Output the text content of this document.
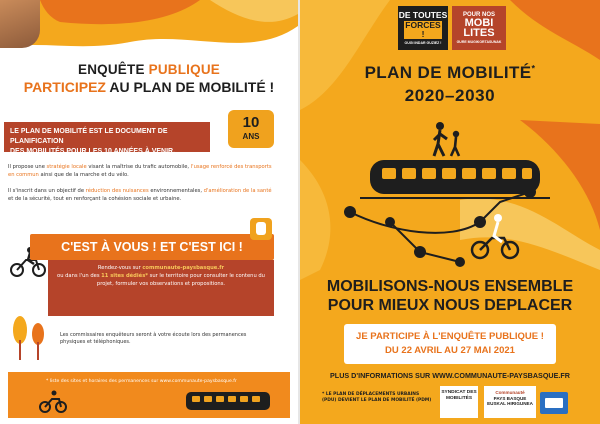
ENQUÊTE PUBLIQUE
PARTICIPEZ AU PLAN DE MOBILITÉ !
LE PLAN DE MOBILITÉ EST LE DOCUMENT DE PLANIFICATION
DES MOBILITÉS POUR LES 10 ANNÉES À VENIR.
10
ANS
Il propose une stratégie locale visant la maîtrise du trafic automobile, l'usage renforcé des transports en commun ainsi que de la marche et du vélo.
Il s'inscrit dans un objectif de réduction des nuisances environnementales, d'amélioration de la santé et de la sécurité, tout en renforçant la cohésion sociale et urbaine.
C'EST À VOUS ! ET C'EST ICI !
Rendez-vous sur communaute-paysbasque.fr
ou dans l'un des 11 sites dédiés* sur le territoire pour consulter le contenu du projet, formuler vos observations et propositions.
Les commissaires enquêteurs seront à votre écoute lors des permanences physiques et téléphoniques.
* liste des sites et horaires des permanences sur www.communaute-paysbasque.fr
DE TOUTES
FORCES !
OUGI INDAR GUZIEZ !
POUR NOS
MOBI LITES
GURE MUGIKORTASUNAK
PLAN DE MOBILITÉ*
2020–2030
MOBILISONS-NOUS ENSEMBLE
POUR MIEUX NOUS DEPLACER
JE PARTICIPE À L'ENQUÊTE PUBLIQUE !
DU 22 AVRIL AU 27 MAI 2021
PLUS D'INFORMATIONS SUR WWW.COMMUNAUTE-PAYSBASQUE.FR
* LE PLAN DE DÉPLACEMENTS URBAINS (PDU) DEVIENT LE PLAN DE MOBILITÉ (PDM)
SYNDICAT DES MOBILITÉS
Communauté
PAYS BASQUE
EUSKAL HIRIGUNEA
